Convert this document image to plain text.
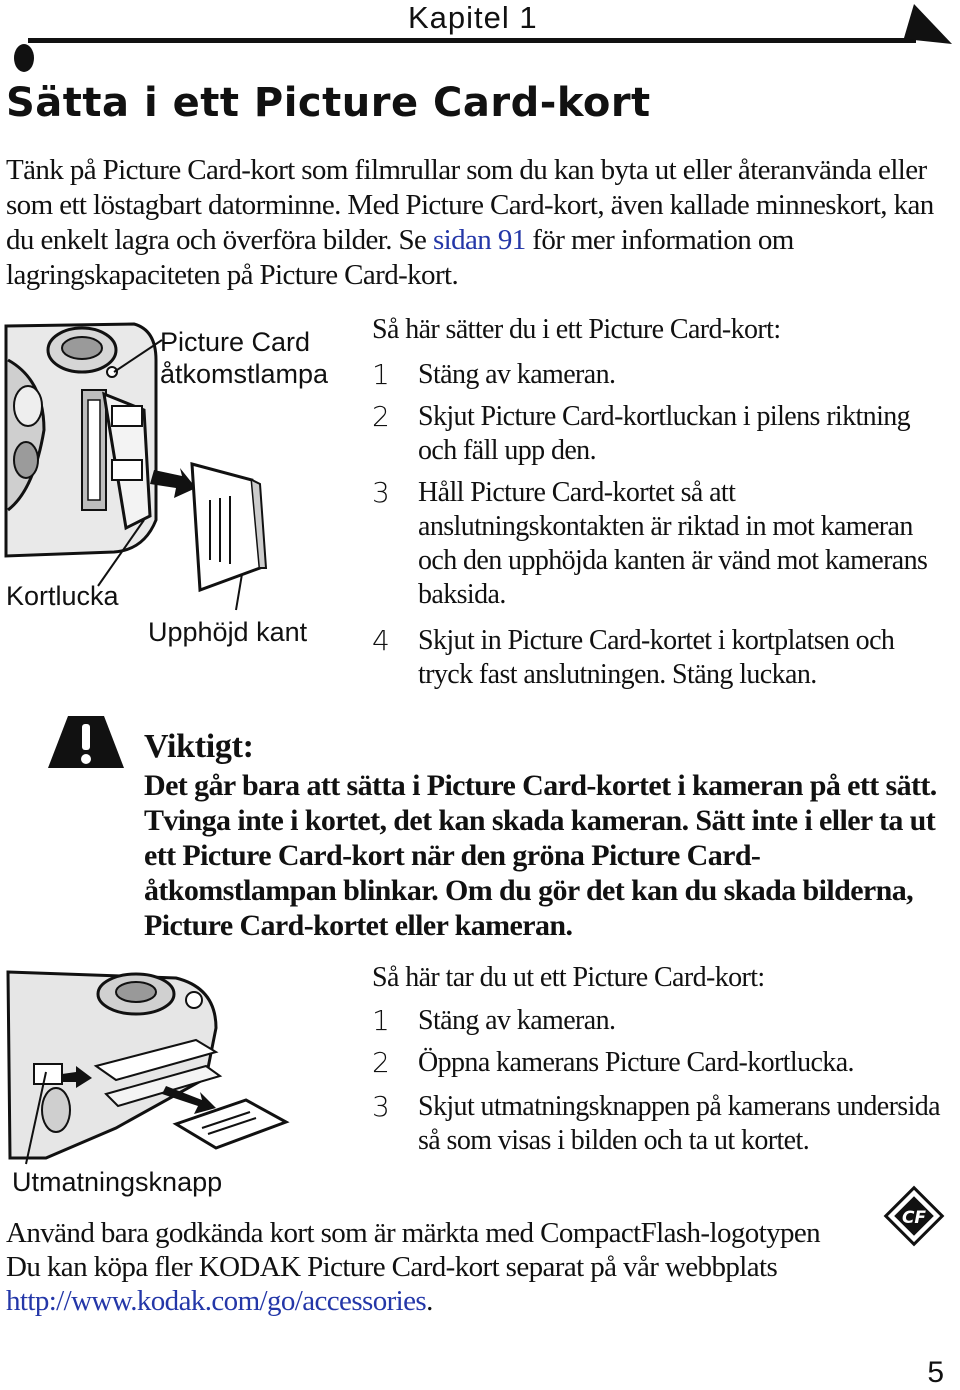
Kapitel 1
Sätta i ett Picture Card-kort
Tänk på Picture Card-kort som filmrullar som du kan byta ut eller återanvända eller som ett löstagbart datorminne. Med Picture Card-kort, även kallade minneskort, kan du enkelt lagra och överföra bilder. Se sidan 91 för mer information om lagringskapaciteten på Picture Card-kort.
Picture Card
åtkomstlampa
Kortlucka
Upphöjd kant
Så här sätter du i ett Picture Card-kort:
1 Stäng av kameran.
2 Skjut Picture Card-kortluckan i pilens riktning och fäll upp den.
3 Håll Picture Card-kortet så att anslutningskontakten är riktad in mot kameran och den upphöjda kanten är vänd mot kamerans baksida.
4 Skjut in Picture Card-kortet i kortplatsen och tryck fast anslutningen. Stäng luckan.
Viktigt:
Det går bara att sätta i Picture Card-kortet i kameran på ett sätt. Tvinga inte i kortet, det kan skada kameran. Sätt inte i eller ta ut ett Picture Card-kort när den gröna Picture Card-åtkomstlampan blinkar. Om du gör det kan du skada bilderna, Picture Card-kortet eller kameran.
Utmatningsknapp
Så här tar du ut ett Picture Card-kort:
1 Stäng av kameran.
2 Öppna kamerans Picture Card-kortlucka.
3 Skjut utmatningsknappen på kamerans undersida så som visas i bilden och ta ut kortet.
CF
Använd bara godkända kort som är märkta med CompactFlash-logotypen
Du kan köpa fler KODAK Picture Card-kort separat på vår webbplats
http://www.kodak.com/go/accessories.
5
